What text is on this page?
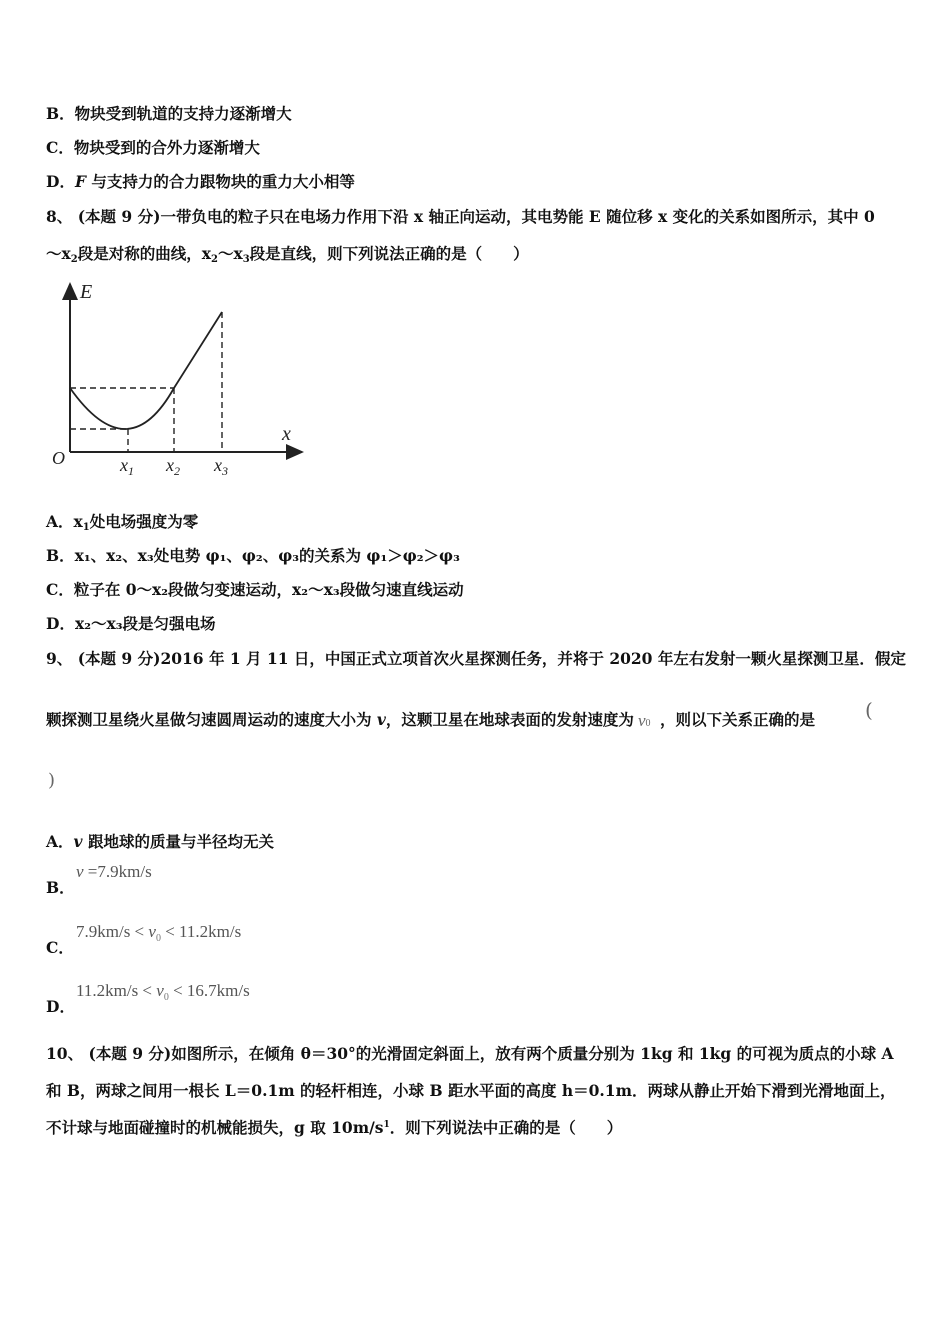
B．物块受到轨道的支持力逐渐增大
C．物块受到的合外力逐渐增大
D．F 与支持力的合力跟物块的重力大小相等
8、 (本题 9 分)一带负电的粒子只在电场力作用下沿 x 轴正向运动，其电势能 E 随位移 x 变化的关系如图所示，其中 0
$\sim x_2$段是对称的曲线，$x_2\sim x_3$段是直线，则下列说法正确的是（　　）
E
x
O	$x_1$ $x_2$ $x_3$
A．$x_1$处电场强度为零
B．x₁、x₂、x₃处电势 φ₁、φ₂、φ₃的关系为 φ₁＞φ₂＞φ₃
C．粒子在 0～x₂段做匀变速运动，x₂～x₃段做匀速直线运动
D．x₂～x₃段是匀强电场
9、 (本题 9 分)2016 年 1 月 11 日，中国正式立项首次火星探测任务，并将于 2020 年左右发射一颗火星探测卫星．假定
颗探测卫星绕火星做匀速圆周运动的速度大小为 v，这颗卫星在地球表面的发射速度为 v0 ，则以下关系正确的是	(
)
A．v 跟地球的质量与半径均无关
B．
v =7.9km/s
C．
$7.9km/s < v_0 < 11.2km/s$
D．
$11.2km/s < v_0 < 16.7km/s$
10、 (本题 9 分)如图所示，在倾角 θ＝30°的光滑固定斜面上，放有两个质量分别为 1kg 和 1kg 的可视为质点的小球 A
和 B，两球之间用一根长 L＝0.1m 的轻杆相连，小球 B 距水平面的高度 h＝0.1m．两球从静止开始下滑到光滑地面上，
不计球与地面碰撞时的机械能损失，g 取 $10m/s^1$．则下列说法中正确的是（　　）
